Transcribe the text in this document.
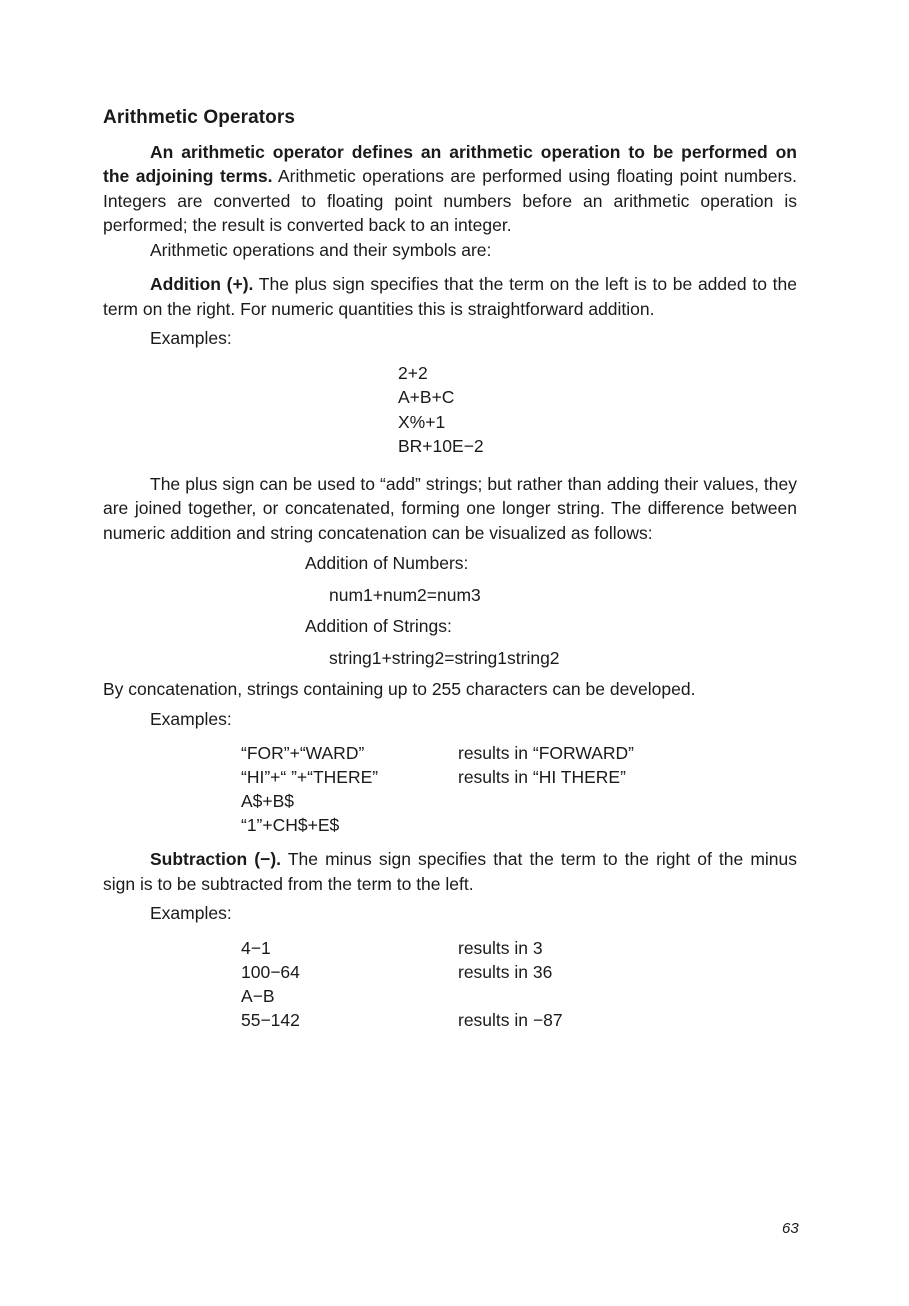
Arithmetic Operators

An arithmetic operator defines an arithmetic operation to be performed on the adjoining terms. Arithmetic operations are performed using floating point numbers. Integers are converted to floating point numbers before an arithmetic operation is performed; the result is converted back to an integer.

Arithmetic operations and their symbols are:

Addition (+). The plus sign specifies that the term on the left is to be added to the term on the right. For numeric quantities this is straightforward addition.

Examples:
2+2
A+B+C
X%+1
BR+10E−2

The plus sign can be used to “add” strings; but rather than adding their values, they are joined together, or concatenated, forming one longer string. The difference between numeric addition and string concatenation can be visualized as follows:

Addition of Numbers:
num1+num2=num3
Addition of Strings:
string1+string2=string1string2

By concatenation, strings containing up to 255 characters can be developed.

Examples:
“FOR”+“WARD”	results in “FORWARD”
“HI”+“ ”+“THERE”	results in “HI THERE”
A$+B$
“1”+CH$+E$

Subtraction (−). The minus sign specifies that the term to the right of the minus sign is to be subtracted from the term to the left.

Examples:
4−1	results in 3
100−64	results in 36
A−B
55−142	results in −87
63
